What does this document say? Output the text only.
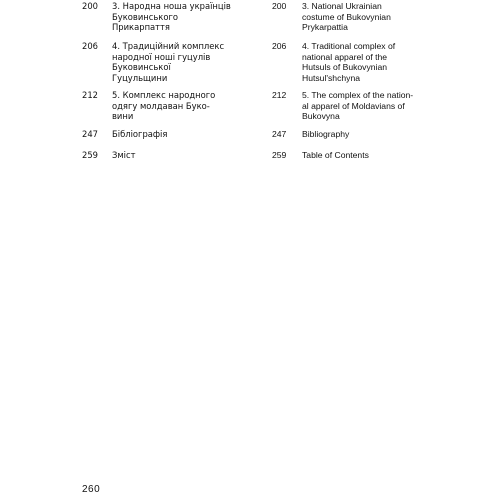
200	3. Народна ноша українців
Буковинського
Прикарпаття
206	4. Традиційний комплекс
народної ноші гуцулів
Буковинської
Гуцульщини
212	5. Комплекс народного
одягу молдаван Буко-
вини
247	Бібліографія
259	Зміст
200	3. National Ukrainian
costume of Bukovynian
Prykarpattia
206	4. Traditional complex of
national apparel of the
Hutsuls of Bukovynian
Hutsul'shchyna
212	5. The complex of the nation-
al apparel of Moldavians of
Bukovyna
247	Bibliography
259	Table of Contents
260
